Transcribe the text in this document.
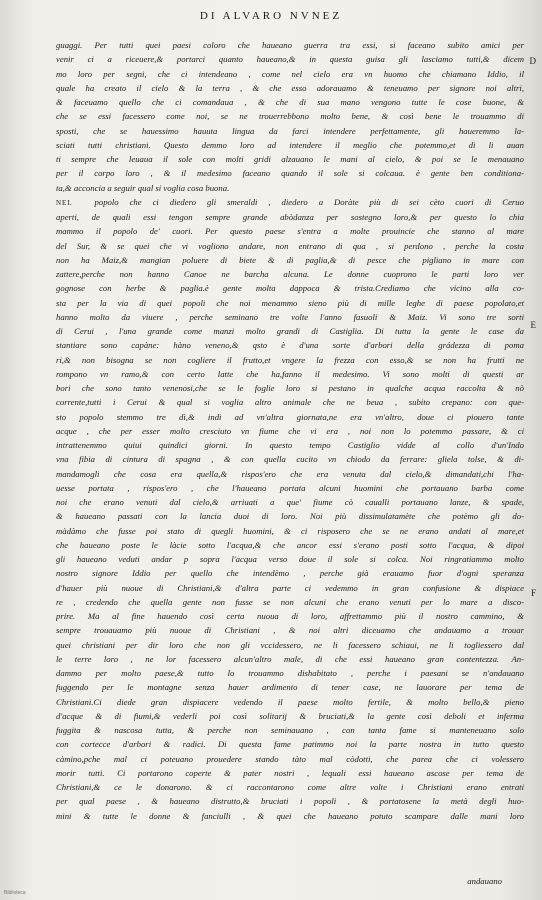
DI ALVARO NVNEZ
D
E
F
guaggi. Per tutti quei paesi coloro che haueano guerra tra essi, si faceano subito amici per
venir ci a riceuere,& portarci quanto haueano,& in questa guisa gli lasciamo tutti,& dicem
mo loro per segni, che ci intendeano , come nel cielo era vn huomo che chiamano Iddio, il
quale ha creato il cielo & la terra , & che esso adorauamo & teneuamo per signore noi altri,
& faceuamo quello che ci comandaua , & che di sua mano vengono tutte le cose buone, &
che se essi facessero come noi, se ne trouerrebbono molto bene, & così bene le trouammo di
sposti, che se hauessimo hauuta lingua da farci intendere perfettamente, gli haueremmo la-
sciati tutti christiani. Questo demmo loro ad intendere il meglio che potemmo,et di li auan
ti sempre che leuaua il sole con molti gridi alzauano le mani al cielo, & poi se le menauano
per il corpo loro , & il medesimo faceano quando il sole si colcaua. è gente ben conditiona-
ta,& acconcia a seguir qual si voglia cosa buona.
NEL	popolo che ci diedero gli smeraldi , diedero a Doràte più di sei cèto cuori di Ceruo
aperti, de quali essi tengon sempre grande abòdanza per sostegno loro,& per questo lo chia
mammo il popolo de' cuori. Per questo paese s'entra a molte prouincie che stanno al mare
del Sur, & se quei che vi vogliono andare, non entrano di qua , si perdono , perche la costa
non ha Maiz,& mangian poluere di biete & di paglia,& di pesce che pigliano in mare con
zattere,perche non hanno Canoe ne barcha alcuna. Le donne cuoprono le parti loro ver
gognose con herbe & paglia.è gente molta dappoca & trista.Crediamo che vicino alla co-
sta per la via di quei popoli che noi menammo sieno più di mille leghe di paese popolato,et
hanno molto da viuere , perche seminano tre volte l'anno fasuoli & Maiz. Vi sono tre sorti
di Cerui , l'una grande come manzi molto grandi di Castiglia. Di tutta la gente le case da
stantiare sono capàne: hàno veneno,& qsto è d'una sorte d'arbori della grádezza di poma
ri,& non bisogna se non cogliere il frutto,et vngere la frezza con esso,& se non ha frutti ne
rompono vn ramo,& con certo latte che ha,fanno il medesimo. Vi sono molti di questi ar
bori che sono tanto venenosi,che se le foglie loro si pestano in qualche acqua raccolta & nò
corrente,tutti i Cerui & qual si voglia altro animale che ne beua , subito crepano: con que-
sto popolo stemmo tre dì,& indi ad vn'altra giornata,ne era vn'altro, doue ci piouero tante
acque , che per esser molto cresciuto vn fiume che vi era , noi non lo potemmo passare, & ci
intrattenemmo quiui quindici giorni. In questo tempo Castiglio vidde al collo d'un'Indo
vna fibia di cintura di spagna , & con quella cucito vn chiodo da ferrare: gliela tolse, & di-
mandamogli che cosa era quella,& rispos'ero che era venuta dal cielo,& dimandati,chi l'ha-
uesse portata , rispos'ero , che l'haueano portata alcuni huomini che portauano barba come
noi che erano venuti dal cielo,& arriuati a que' fiume cò caualli portauano lanze, & spade,
& haueano passati con la lancia duoi di loro. Noi più dissimulatamète che potèmo gli do-
màdàmo che fusse poi stato di quegli huomini, & ci risposero che se ne erano andati al mare,et
che haueano poste le làcie sotto l'acqua,& che ancor essi s'erano posti sotto l'acqua, & dipoi
gli haueano veduti andar p sopra l'acqua verso doue il sole si colca. Noi ringratiammo molto
nostro signore Iddio per quello che intendèmo , perche già erauamo fuor d'ogni speranza
d'hauer più nuoue di Christiani,& d'altra parte ci vedemmo in gran confusione & dispiace
re , credendo che quella gente non fusse se non alcuni che erano venuti per lo mare a disco-
prire. Ma al fine hauendo così certa nuoua di loro, affrettammo più il nostro cammino, &
sempre trouauamo più nuoue di Christiani , & noi altri diceuamo che andauamo a trouar
quei christiani per dir loro che non gli vccidessero, ne li facessero schiaui, ne li togliessero dal
le terre loro , ne lor facessero alcun'altro male, di che essi haueano gran contentezza. An-
dammo per molto paese,& tutto lo trouammo dishabitato , perche i paesani se n'andauano
fuggendo per le montagne senza hauer ardimento di tener case, ne lauorare per tema de
Christiani.Ci diede gran dispiacere vedendo il paese molto fertile, & molto bello,& pieno
d'acque & di fiumi,& vederli poi così solitarij & bruciati,& la gente così deboli et inferma
fuggita & nascosa tutta, & perche non seminauano , con tanta fame si manteneuano solo
con cortecce d'arbori & radici. Di questa fame patimmo noi la parte nostra in tutto questo
càmino,pche mal ci poteuano prouedere stando tàto mal còdotti, che parea che ci volessero
morir tutti. Ci portarono coperte & pater nostri , lequali essi haueano ascose per tema de
Christiani,& ce le donarono. & ci raccontarono come altre volte i Christiani erano entrati
per qual paese , & haueano distrutto,& bruciati i popoli , & portatosene la metà degli huo-
mini & tutte le donne & fanciulli , & quei che haueano potuto scampare dalle mani loro
andauano
Biblioteca
